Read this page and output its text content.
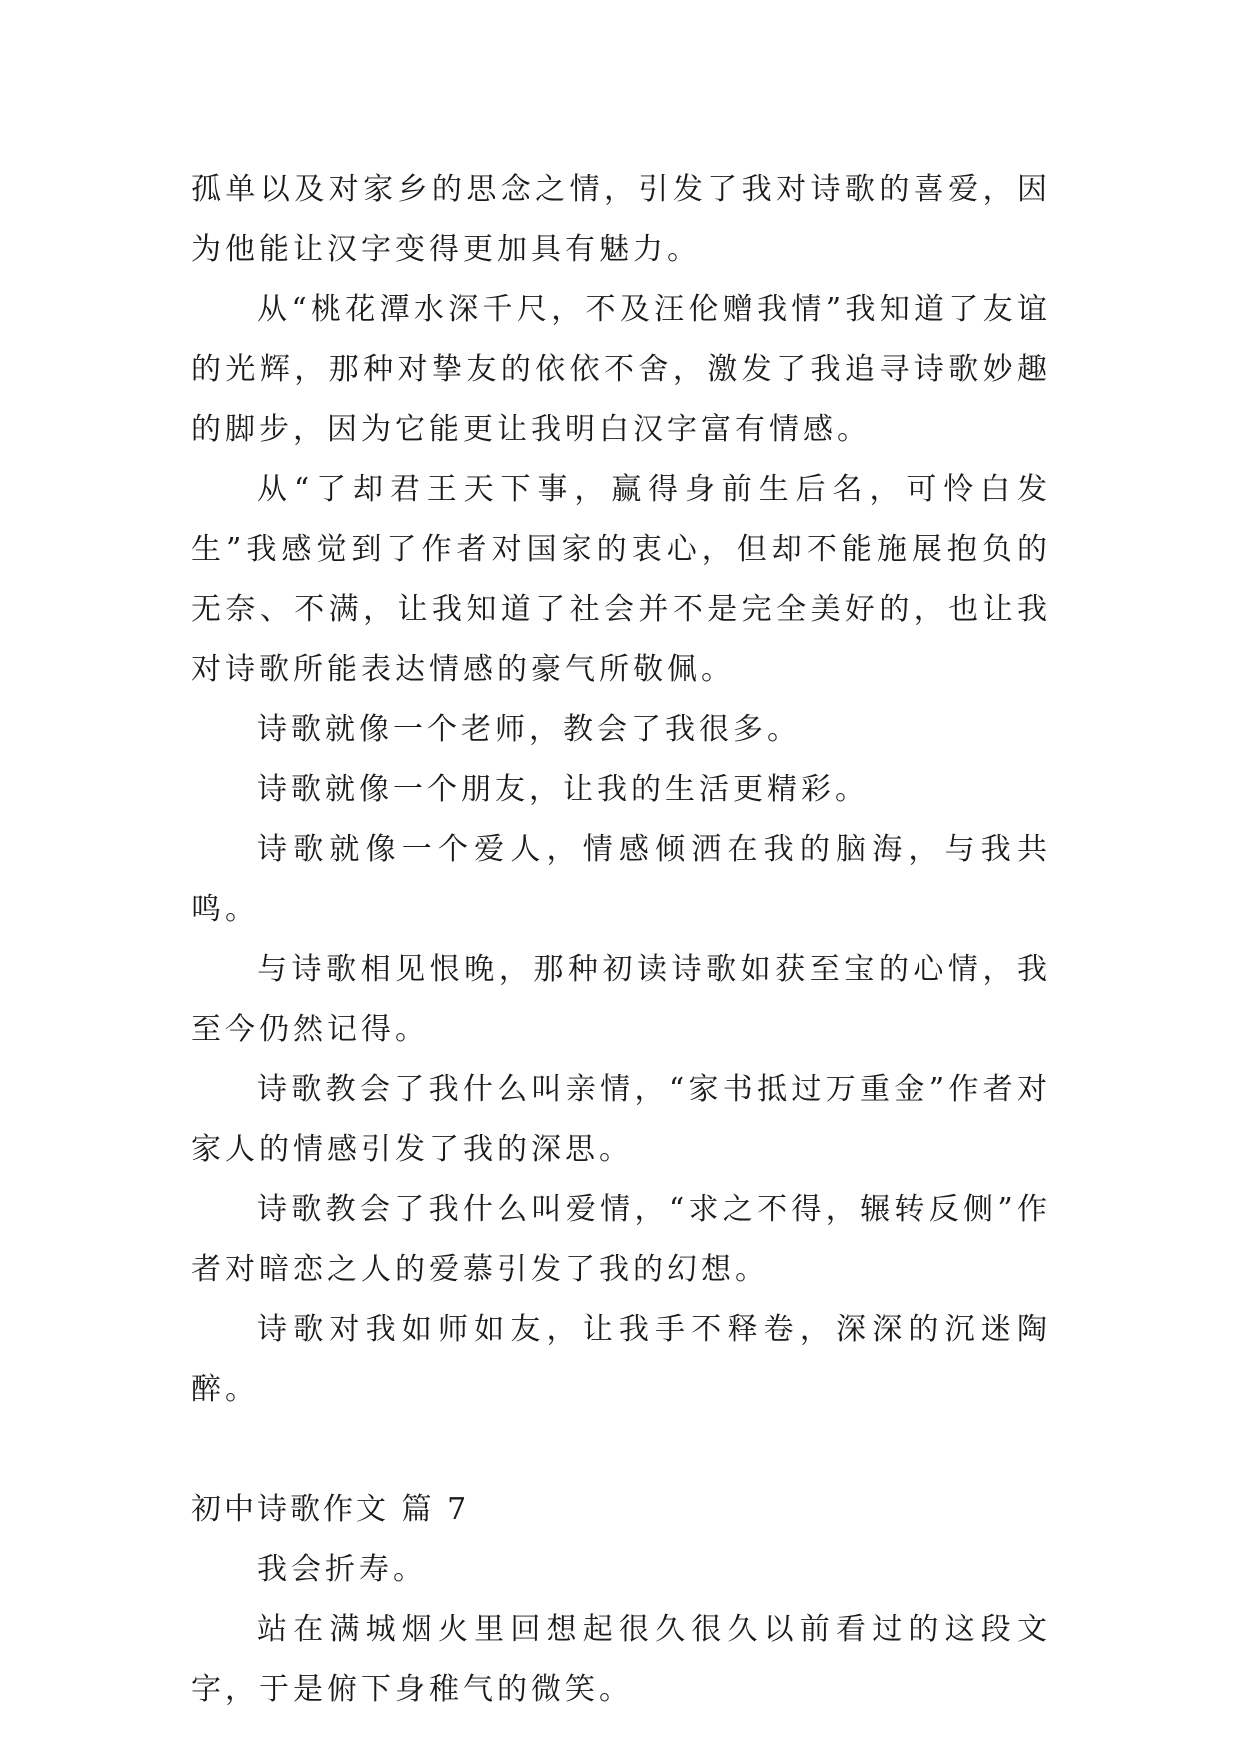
孤单以及对家乡的思念之情，引发了我对诗歌的喜爱，因为他能让汉字变得更加具有魅力。

从“桃花潭水深千尺，不及汪伦赠我情”我知道了友谊的光辉，那种对挚友的依依不舍，激发了我追寻诗歌妙趣的脚步，因为它能更让我明白汉字富有情感。

从“了却君王天下事，赢得身前生后名，可怜白发生”我感觉到了作者对国家的衷心，但却不能施展抱负的无奈、不满，让我知道了社会并不是完全美好的，也让我对诗歌所能表达情感的豪气所敬佩。

诗歌就像一个老师，教会了我很多。

诗歌就像一个朋友，让我的生活更精彩。

诗歌就像一个爱人，情感倾洒在我的脑海，与我共鸣。

与诗歌相见恨晚，那种初读诗歌如获至宝的心情，我至今仍然记得。

诗歌教会了我什么叫亲情，“家书抵过万重金”作者对家人的情感引发了我的深思。

诗歌教会了我什么叫爱情，“求之不得，辗转反侧”作者对暗恋之人的爱慕引发了我的幻想。

诗歌对我如师如友，让我手不释卷，深深的沉迷陶醉。

初中诗歌作文 篇 7

我会折寿。

站在满城烟火里回想起很久很久以前看过的这段文字，于是俯下身稚气的微笑。
